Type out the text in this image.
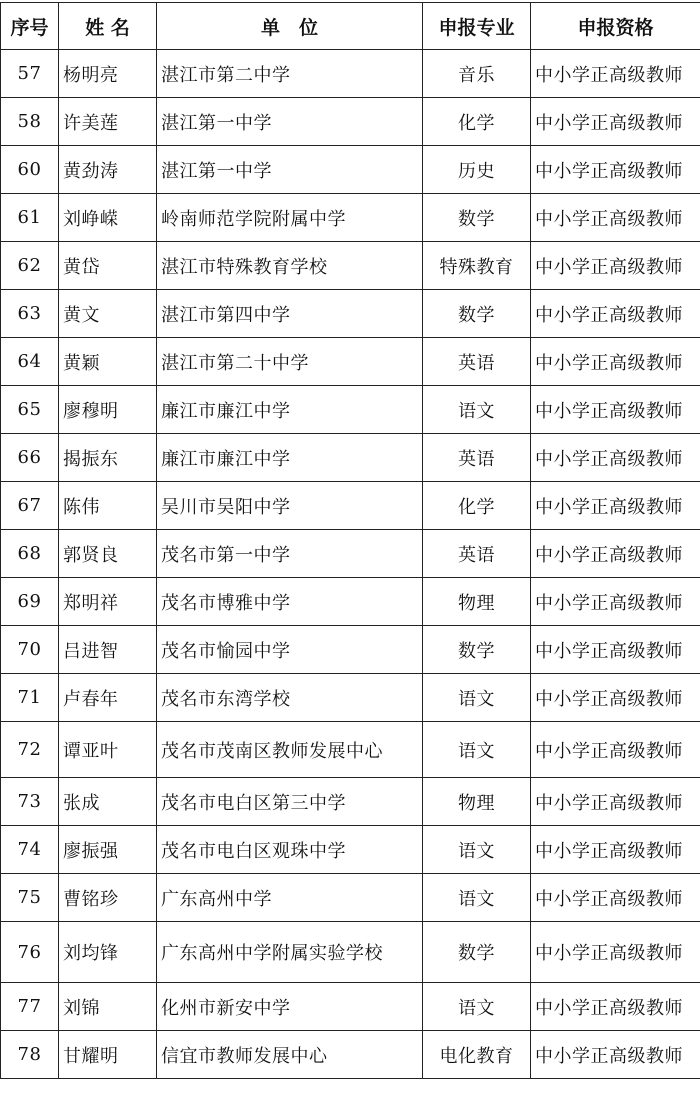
序号	姓 名	单　位	申报专业	申报资格
57	杨明亮	湛江市第二中学	音乐	中小学正高级教师
58	许美莲	湛江第一中学	化学	中小学正高级教师
60	黄劲涛	湛江第一中学	历史	中小学正高级教师
61	刘峥嵘	岭南师范学院附属中学	数学	中小学正高级教师
62	黄岱	湛江市特殊教育学校	特殊教育	中小学正高级教师
63	黄文	湛江市第四中学	数学	中小学正高级教师
64	黄颖	湛江市第二十中学	英语	中小学正高级教师
65	廖穆明	廉江市廉江中学	语文	中小学正高级教师
66	揭振东	廉江市廉江中学	英语	中小学正高级教师
67	陈伟	吴川市吴阳中学	化学	中小学正高级教师
68	郭贤良	茂名市第一中学	英语	中小学正高级教师
69	郑明祥	茂名市博雅中学	物理	中小学正高级教师
70	吕进智	茂名市愉园中学	数学	中小学正高级教师
71	卢春年	茂名市东湾学校	语文	中小学正高级教师
72	谭亚叶	茂名市茂南区教师发展中心	语文	中小学正高级教师
73	张成	茂名市电白区第三中学	物理	中小学正高级教师
74	廖振强	茂名市电白区观珠中学	语文	中小学正高级教师
75	曹铭珍	广东高州中学	语文	中小学正高级教师
76	刘均锋	广东高州中学附属实验学校	数学	中小学正高级教师
77	刘锦	化州市新安中学	语文	中小学正高级教师
78	甘耀明	信宜市教师发展中心	电化教育	中小学正高级教师
